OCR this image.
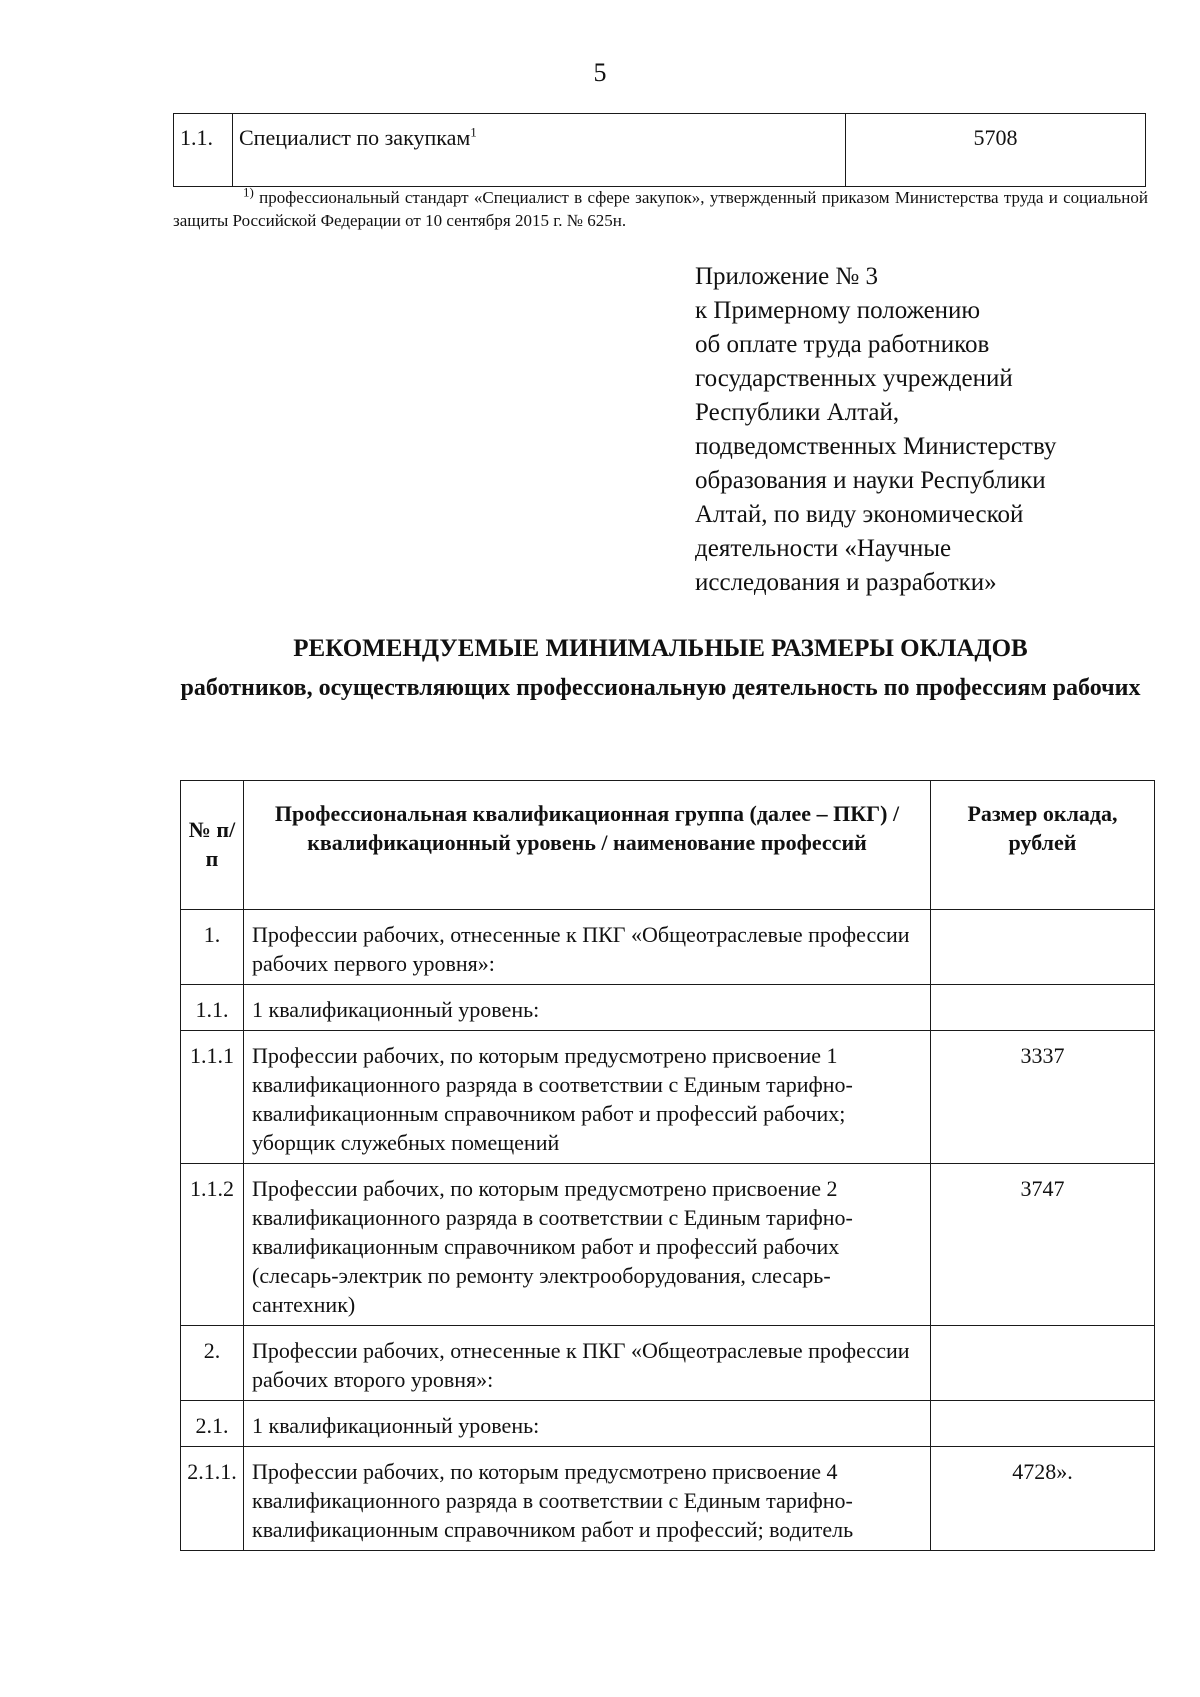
5
1.1.	Специалист по закупкам$^1$	5708
$^{1)}$ профессиональный стандарт «Специалист в сфере закупок», утвержденный приказом Министерства труда и социальной защиты Российской Федерации от 10 сентября 2015 г. № 625н.
Приложение № 3
к Примерному положению
об оплате труда работников
государственных учреждений
Республики Алтай,
подведомственных Министерству
образования и науки Республики
Алтай, по виду экономической
деятельности «Научные
исследования и разработки»
РЕКОМЕНДУЕМЫЕ МИНИМАЛЬНЫЕ РАЗМЕРЫ ОКЛАДОВ
работников, осуществляющих профессиональную деятельность по профессиям рабочих
№ п/п	Профессиональная квалификационная группа (далее – ПКГ) /квалификационный уровень / наименование профессий	Размер оклада, рублей
1.	Профессии рабочих, отнесенные к ПКГ «Общеотраслевые профессии рабочих первого уровня»:	
1.1.	1 квалификационный уровень:	
1.1.1	Профессии рабочих, по которым предусмотрено присвоение 1 квалификационного разряда в соответствии с Единым тарифно-квалификационным справочником работ и профессий рабочих; уборщик служебных помещений	3337
1.1.2	Профессии рабочих, по которым предусмотрено присвоение 2 квалификационного разряда в соответствии с Единым тарифно-квалификационным справочником работ и профессий рабочих (слесарь-электрик по ремонту электрооборудования, слесарь-сантехник)	3747
2.	Профессии рабочих, отнесенные к ПКГ «Общеотраслевые профессии рабочих второго уровня»:	
2.1.	1 квалификационный уровень:	
2.1.1.	Профессии рабочих, по которым предусмотрено присвоение 4 квалификационного разряда в соответствии с Единым тарифно-квалификационным справочником работ и профессий; водитель	4728».
